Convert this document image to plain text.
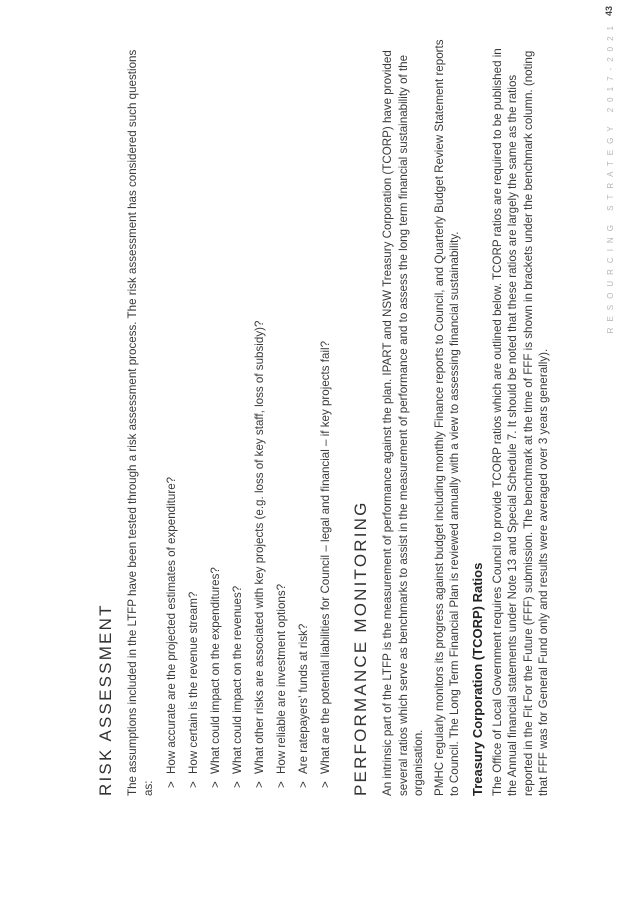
RISK ASSESSMENT The assumptions included in the LTFP have been tested through a risk assessment process. The risk assessment has considered such questions as: >
How accurate are the projected estimates of expenditure?
>
How certain is the revenue stream?
>
What could impact on the expenditures?
>
What could impact on the revenues?
>
What other risks are associated with key projects (e.g. loss of key staff, loss of subsidy)?
>
How reliable are investment options?
>
Are ratepayers’ funds at risk?
>
What are the potential liabilities for Council – legal and financial – if key projects fail? PERFORMANCE MONITORING An intrinsic part of the LTFP is the measurement of performance against the plan. IPART and NSW Treasury Corporation (TCORP) have provided several ratios which serve as benchmarks to assist in the measurement of performance and to assess the long term financial sustainability of the organisation. PMHC regularly monitors its progress against budget including monthly Finance reports to Council, and Quarterly Budget Review Statement reports to Council. The Long Term Financial Plan is reviewed annually with a view to assessing financial sustainability. Treasury Corporation (TCORP) Ratios The Office of Local Government requires Council to provide TCORP ratios which are outlined below. TCORP ratios are required to be published in the Annual financial statements under Note 13 and Special Schedule 7. It should be noted that these ratios are largely the same as the ratios reported in the Fit For the Future (FFF) submission. The benchmark at the time of FFF is shown in brackets under the benchmark column. (noting that FFF was for General Fund only and results were averaged over 3 years generally).

RESOURCING STRATEGY 2017-2021
43
